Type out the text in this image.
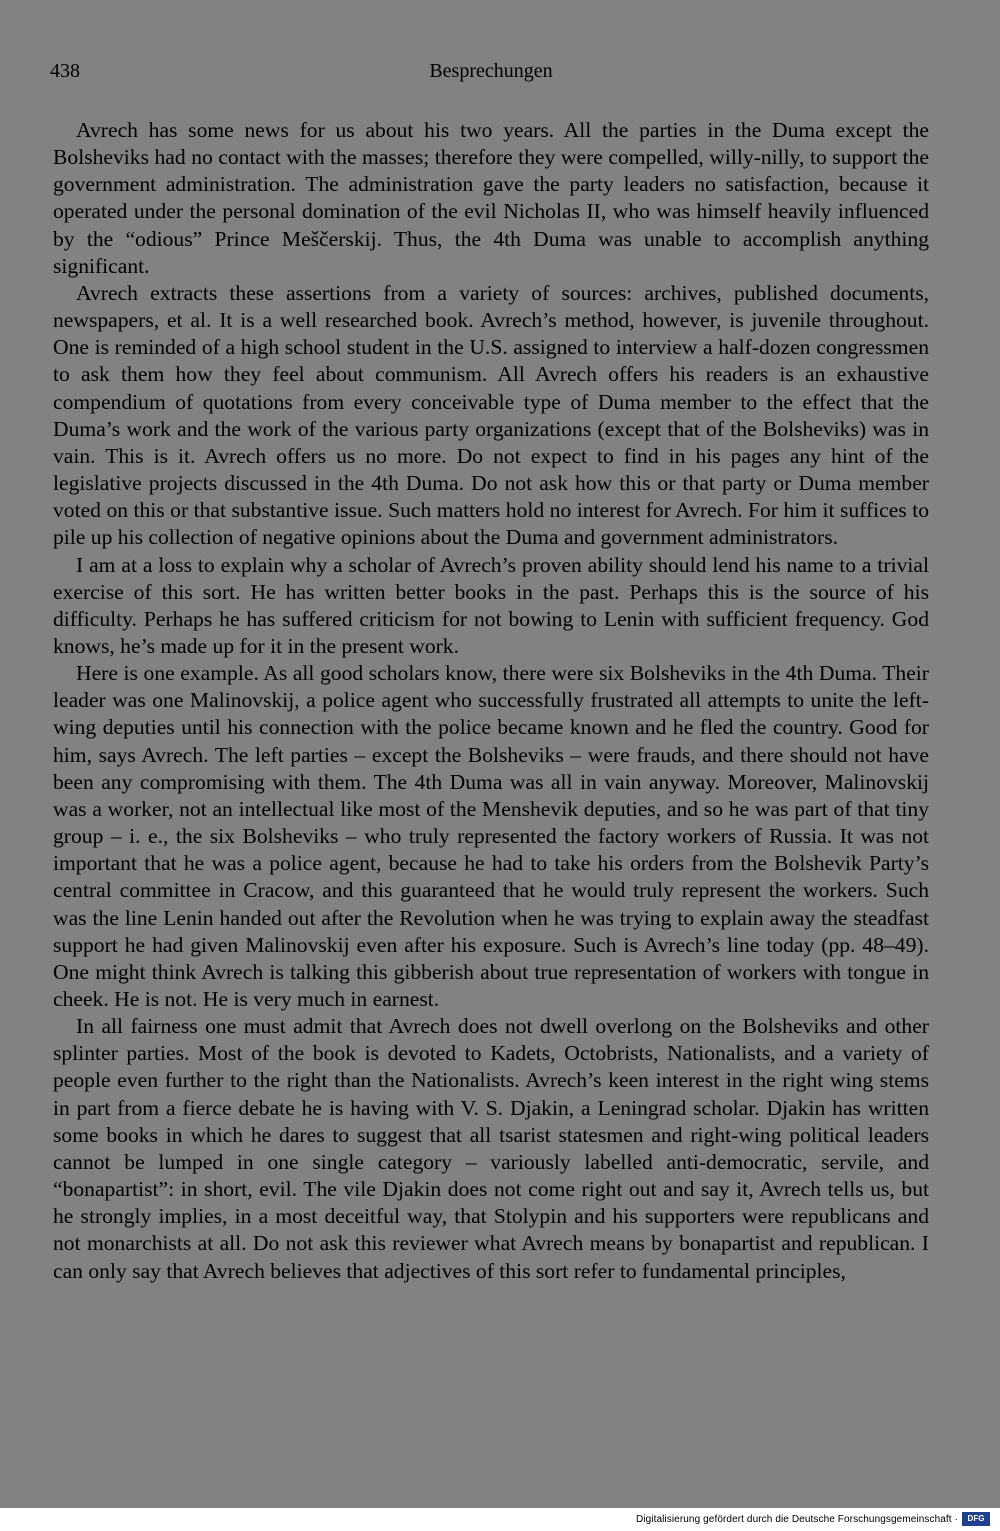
438	Besprechungen

Avrech has some news for us about his two years. All the parties in the Duma except the Bolsheviks had no contact with the masses; therefore they were compelled, willy-nilly, to support the government administration. The administration gave the party leaders no satisfaction, because it operated under the personal domination of the evil Nicholas II, who was himself heavily influenced by the “odious” Prince Meščerskij. Thus, the 4th Duma was unable to accomplish anything significant.

Avrech extracts these assertions from a variety of sources: archives, published documents, newspapers, et al. It is a well researched book. Avrech’s method, however, is juvenile throughout. One is reminded of a high school student in the U.S. assigned to interview a half-dozen congressmen to ask them how they feel about communism. All Avrech offers his readers is an exhaustive compendium of quotations from every conceivable type of Duma member to the effect that the Duma’s work and the work of the various party organizations (except that of the Bolsheviks) was in vain. This is it. Avrech offers us no more. Do not expect to find in his pages any hint of the legislative projects discussed in the 4th Duma. Do not ask how this or that party or Duma member voted on this or that substantive issue. Such matters hold no interest for Avrech. For him it suffices to pile up his collection of negative opinions about the Duma and government administrators.

I am at a loss to explain why a scholar of Avrech’s proven ability should lend his name to a trivial exercise of this sort. He has written better books in the past. Perhaps this is the source of his difficulty. Perhaps he has suffered criticism for not bowing to Lenin with sufficient frequency. God knows, he’s made up for it in the present work.

Here is one example. As all good scholars know, there were six Bolsheviks in the 4th Duma. Their leader was one Malinovskij, a police agent who successfully frustrated all attempts to unite the left-wing deputies until his connection with the police became known and he fled the country. Good for him, says Avrech. The left parties – except the Bolsheviks – were frauds, and there should not have been any compromising with them. The 4th Duma was all in vain anyway. Moreover, Malinovskij was a worker, not an intellectual like most of the Menshevik deputies, and so he was part of that tiny group – i. e., the six Bolsheviks – who truly represented the factory workers of Russia. It was not important that he was a police agent, because he had to take his orders from the Bolshevik Party’s central committee in Cracow, and this guaranteed that he would truly represent the workers. Such was the line Lenin handed out after the Revolution when he was trying to explain away the steadfast support he had given Malinovskij even after his exposure. Such is Avrech’s line today (pp. 48–49). One might think Avrech is talking this gibberish about true representation of workers with tongue in cheek. He is not. He is very much in earnest.

In all fairness one must admit that Avrech does not dwell overlong on the Bolsheviks and other splinter parties. Most of the book is devoted to Kadets, Octobrists, Nationalists, and a variety of people even further to the right than the Nationalists. Avrech’s keen interest in the right wing stems in part from a fierce debate he is having with V. S. Djakin, a Leningrad scholar. Djakin has written some books in which he dares to suggest that all tsarist statesmen and right-wing political leaders cannot be lumped in one single category – variously labelled anti-democratic, servile, and “bonapartist”: in short, evil. The vile Djakin does not come right out and say it, Avrech tells us, but he strongly implies, in a most deceitful way, that Stolypin and his supporters were republicans and not monarchists at all. Do not ask this reviewer what Avrech means by bonapartist and republican. I can only say that Avrech believes that adjectives of this sort refer to fundamental principles,

Digitalisierung gefördert durch die Deutsche Forschungsgemeinschaft ·	DFG
